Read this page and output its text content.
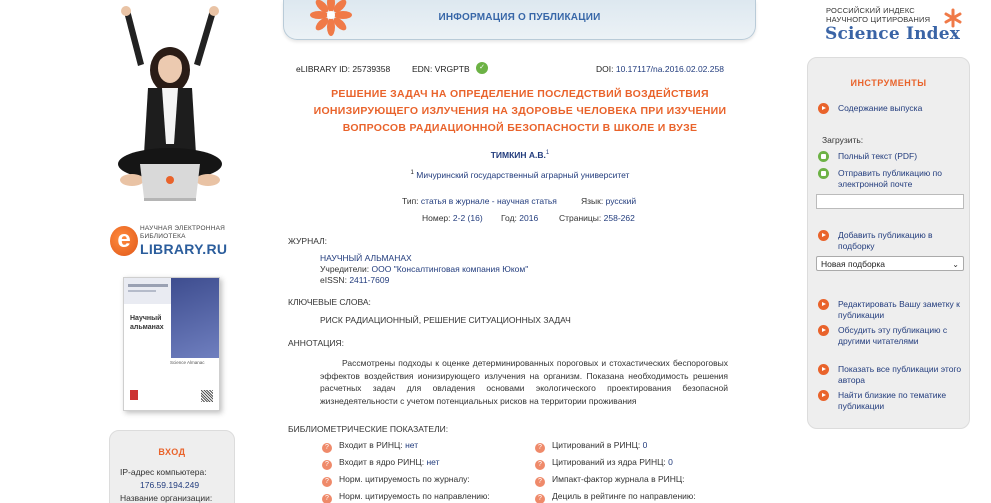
e	НАУЧНАЯ ЭЛЕКТРОННАЯ
БИБЛИОТЕКА
LIBRARY.RU
Научный альманах
Science Almanac
ВХОД
IP-адрес компьютера:
176.59.194.249
Название организации:
ИНФОРМАЦИЯ О ПУБЛИКАЦИИ
РОССИЙСКИЙ ИНДЕКС
НАУЧНОГО ЦИТИРОВАНИЯ
Science Index
eLIBRARY ID: 25739358	EDN: VRGPTB	✓	DOI: 10.17117/na.2016.02.02.258
РЕШЕНИЕ ЗАДАЧ НА ОПРЕДЕЛЕНИЕ ПОСЛЕДСТВИЙ ВОЗДЕЙСТВИЯ
ИОНИЗИРУЮЩЕГО ИЗЛУЧЕНИЯ НА ЗДОРОВЬЕ ЧЕЛОВЕКА ПРИ ИЗУЧЕНИИ
ВОПРОСОВ РАДИАЦИОННОЙ БЕЗОПАСНОСТИ В ШКОЛЕ И ВУЗЕ
ТИМКИН А.В.$^1$
$^1$ Мичуринский государственный аграрный университет
Тип: статья в журнале - научная статья	Язык: русский
Номер: 2-2 (16) Год: 2016 Страницы: 258-262
ЖУРНАЛ:
НАУЧНЫЙ АЛЬМАНАХ
Учредители: ООО "Консалтинговая компания Юком"
eISSN: 2411-7609
КЛЮЧЕВЫЕ СЛОВА:
РИСК РАДИАЦИОННЫЙ, РЕШЕНИЕ СИТУАЦИОННЫХ ЗАДАЧ
АННОТАЦИЯ:
Рассмотрены подходы к оценке детерминированных пороговых и стохастических беспороговых эффектов воздействия ионизирующего излучения на организм. Показана необходимость решения расчетных задач для овладения основами экологического проектирования безопасной жизнедеятельности с учетом потенциальных рисков на территории проживания
БИБЛИОМЕТРИЧЕСКИЕ ПОКАЗАТЕЛИ:
? Входит в РИНЦ: нет
? Входит в ядро РИНЦ: нет
? Норм. цитируемость по журналу:
? Норм. цитируемость по направлению:
? Цитирований в РИНЦ: 0
? Цитирований из ядра РИНЦ: 0
? Импакт-фактор журнала в РИНЦ:
? Дециль в рейтинге по направлению:
ИНСТРУМЕНТЫ
Содержание выпуска
Загрузить:
Полный текст (PDF)
Отправить публикацию по электронной почте
Добавить публикацию в подборку
Новая подборка	⌄
Редактировать Вашу заметку к публикации
Обсудить эту публикацию с другими читателями
Показать все публикации этого автора
Найти близкие по тематике публикации
